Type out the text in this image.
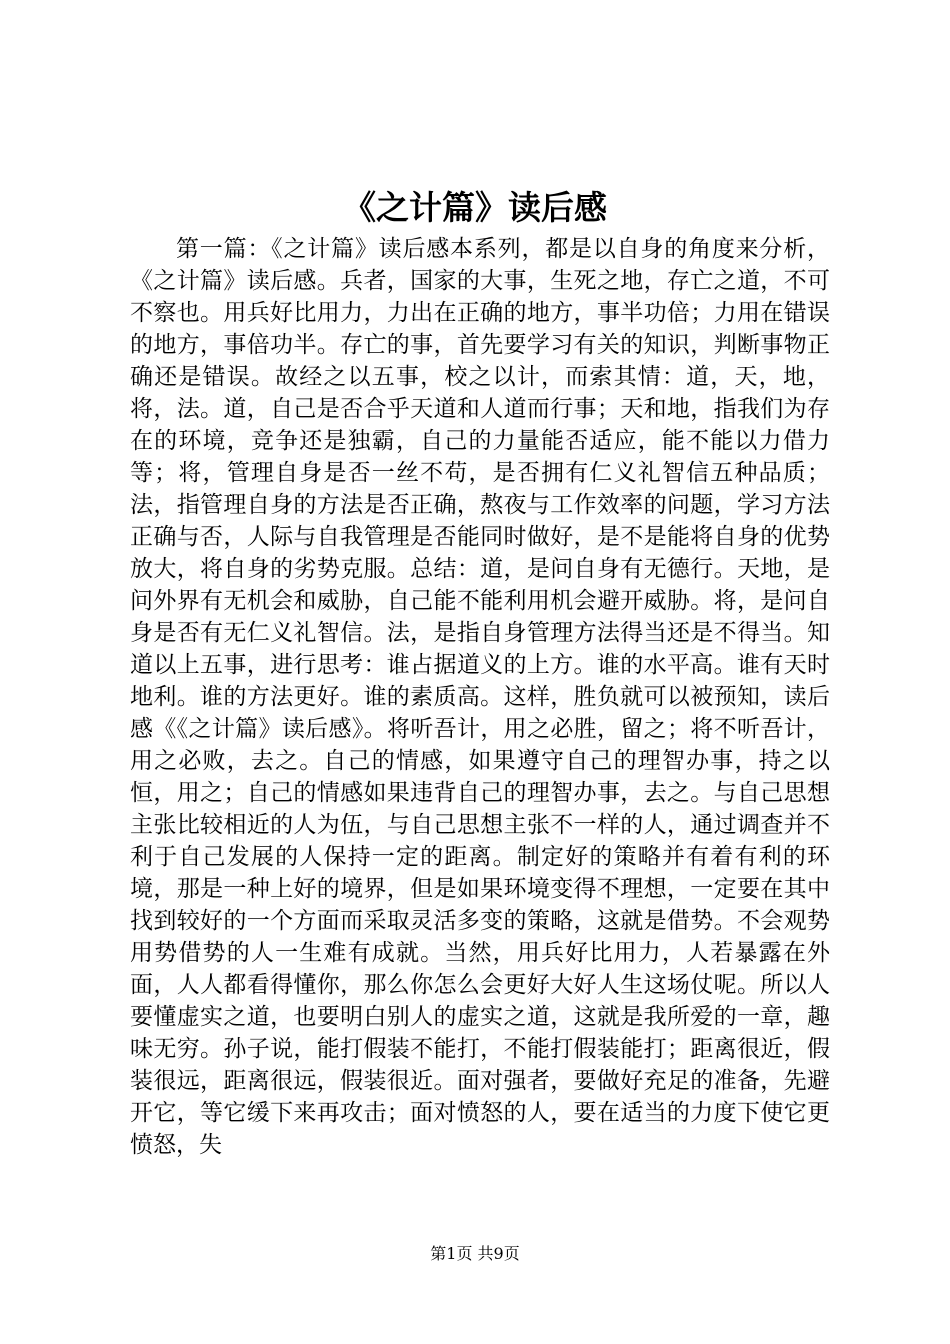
《之计篇》读后感

第一篇：《之计篇》读后感本系列，都是以自身的角度来分析，《之计篇》读后感。兵者，国家的大事，生死之地，存亡之道，不可不察也。用兵好比用力，力出在正确的地方，事半功倍；力用在错误的地方，事倍功半。存亡的事，首先要学习有关的知识，判断事物正确还是错误。故经之以五事，校之以计，而索其情：道，天，地，将，法。道，自己是否合乎天道和人道而行事；天和地，指我们为存在的环境，竞争还是独霸，自己的力量能否适应，能不能以力借力等；将，管理自身是否一丝不苟，是否拥有仁义礼智信五种品质；法，指管理自身的方法是否正确，熬夜与工作效率的问题，学习方法正确与否，人际与自我管理是否能同时做好，是不是能将自身的优势放大，将自身的劣势克服。总结：道，是问自身有无德行。天地，是问外界有无机会和威胁，自己能不能利用机会避开威胁。将，是问自身是否有无仁义礼智信。法，是指自身管理方法得当还是不得当。知道以上五事，进行思考：谁占据道义的上方。谁的水平高。谁有天时地利。谁的方法更好。谁的素质高。这样，胜负就可以被预知，读后感《《之计篇》读后感》。将听吾计，用之必胜，留之；将不听吾计，用之必败，去之。自己的情感，如果遵守自己的理智办事，持之以恒，用之；自己的情感如果违背自己的理智办事，去之。与自己思想主张比较相近的人为伍，与自己思想主张不一样的人，通过调查并不利于自己发展的人保持一定的距离。制定好的策略并有着有利的环境，那是一种上好的境界，但是如果环境变得不理想，一定要在其中找到较好的一个方面而采取灵活多变的策略，这就是借势。不会观势用势借势的人一生难有成就。当然，用兵好比用力，人若暴露在外面，人人都看得懂你，那么你怎么会更好大好人生这场仗呢。所以人要懂虚实之道，也要明白别人的虚实之道，这就是我所爱的一章，趣味无穷。孙子说，能打假装不能打，不能打假装能打；距离很近，假装很远，距离很远，假装很近。面对强者，要做好充足的准备，先避开它，等它缓下来再攻击；面对愤怒的人，要在适当的力度下使它更愤怒，失

第1页 共9页
